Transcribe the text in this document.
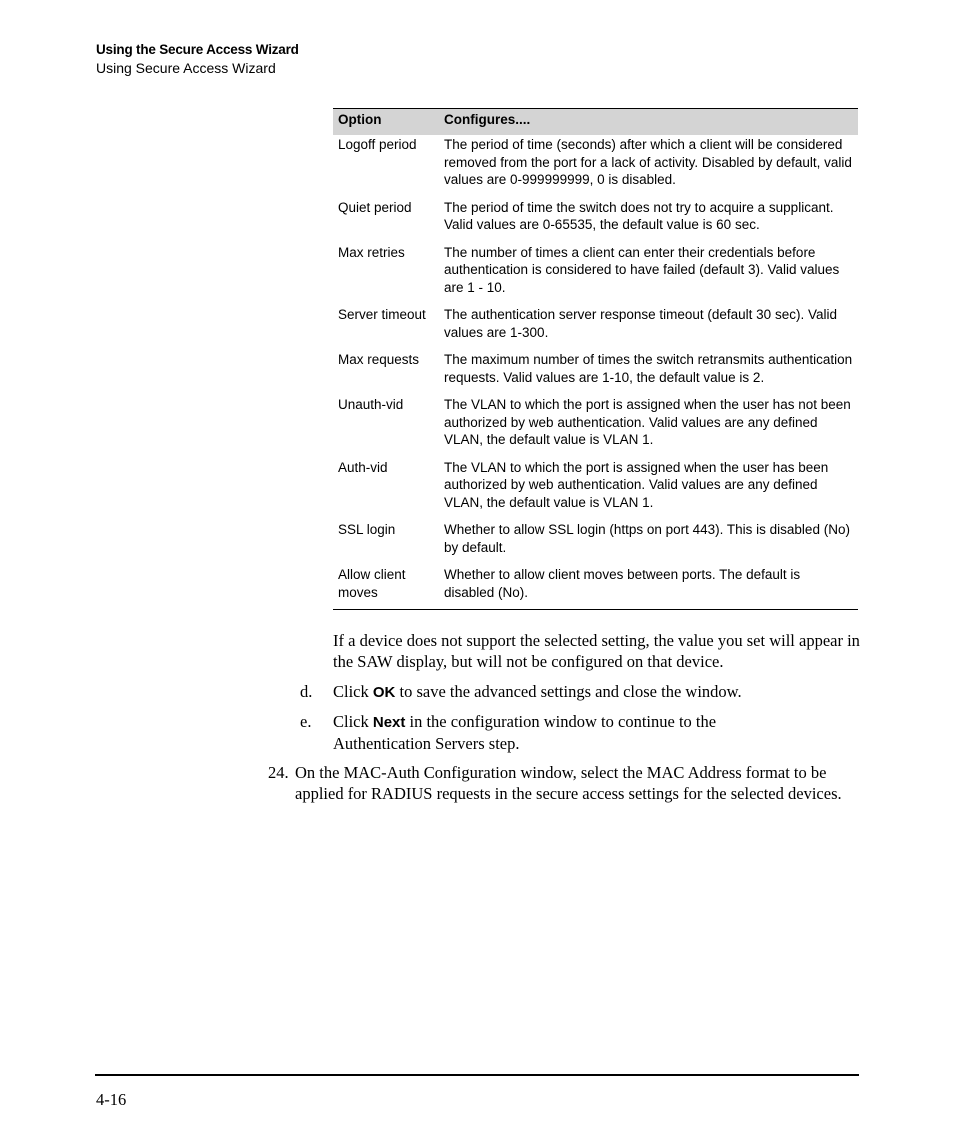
Using the Secure Access Wizard
Using Secure Access Wizard
Option	Configures....
Logoff period	The period of time (seconds) after which a client will be considered removed from the port for a lack of activity. Disabled by default, valid values are 0-999999999, 0 is disabled.
Quiet period	The period of time the switch does not try to acquire a supplicant. Valid values are 0-65535, the default value is 60 sec.
Max retries	The number of times a client can enter their credentials before authentication is considered to have failed (default 3). Valid values are 1 - 10.
Server timeout	The authentication server response timeout (default 30 sec). Valid values are 1-300.
Max requests	The maximum number of times the switch retransmits authentication requests. Valid values are 1-10, the default value is 2.
Unauth-vid	The VLAN to which the port is assigned when the user has not been authorized by web authentication. Valid values are any defined VLAN, the default value is VLAN 1.
Auth-vid	The VLAN to which the port is assigned when the user has been authorized by web authentication. Valid values are any defined VLAN, the default value is VLAN 1.
SSL login	Whether to allow SSL login (https on port 443). This is disabled (No) by default.
Allow client moves	Whether to allow client moves between ports. The default is disabled (No).
If a device does not support the selected setting, the value you set will appear in the SAW display, but will not be configured on that device.
d. Click OK to save the advanced settings and close the window.
e. Click Next in the configuration window to continue to the Authentication Servers step.
24. On the MAC-Auth Configuration window, select the MAC Address format to be applied for RADIUS requests in the secure access settings for the selected devices.
4-16
